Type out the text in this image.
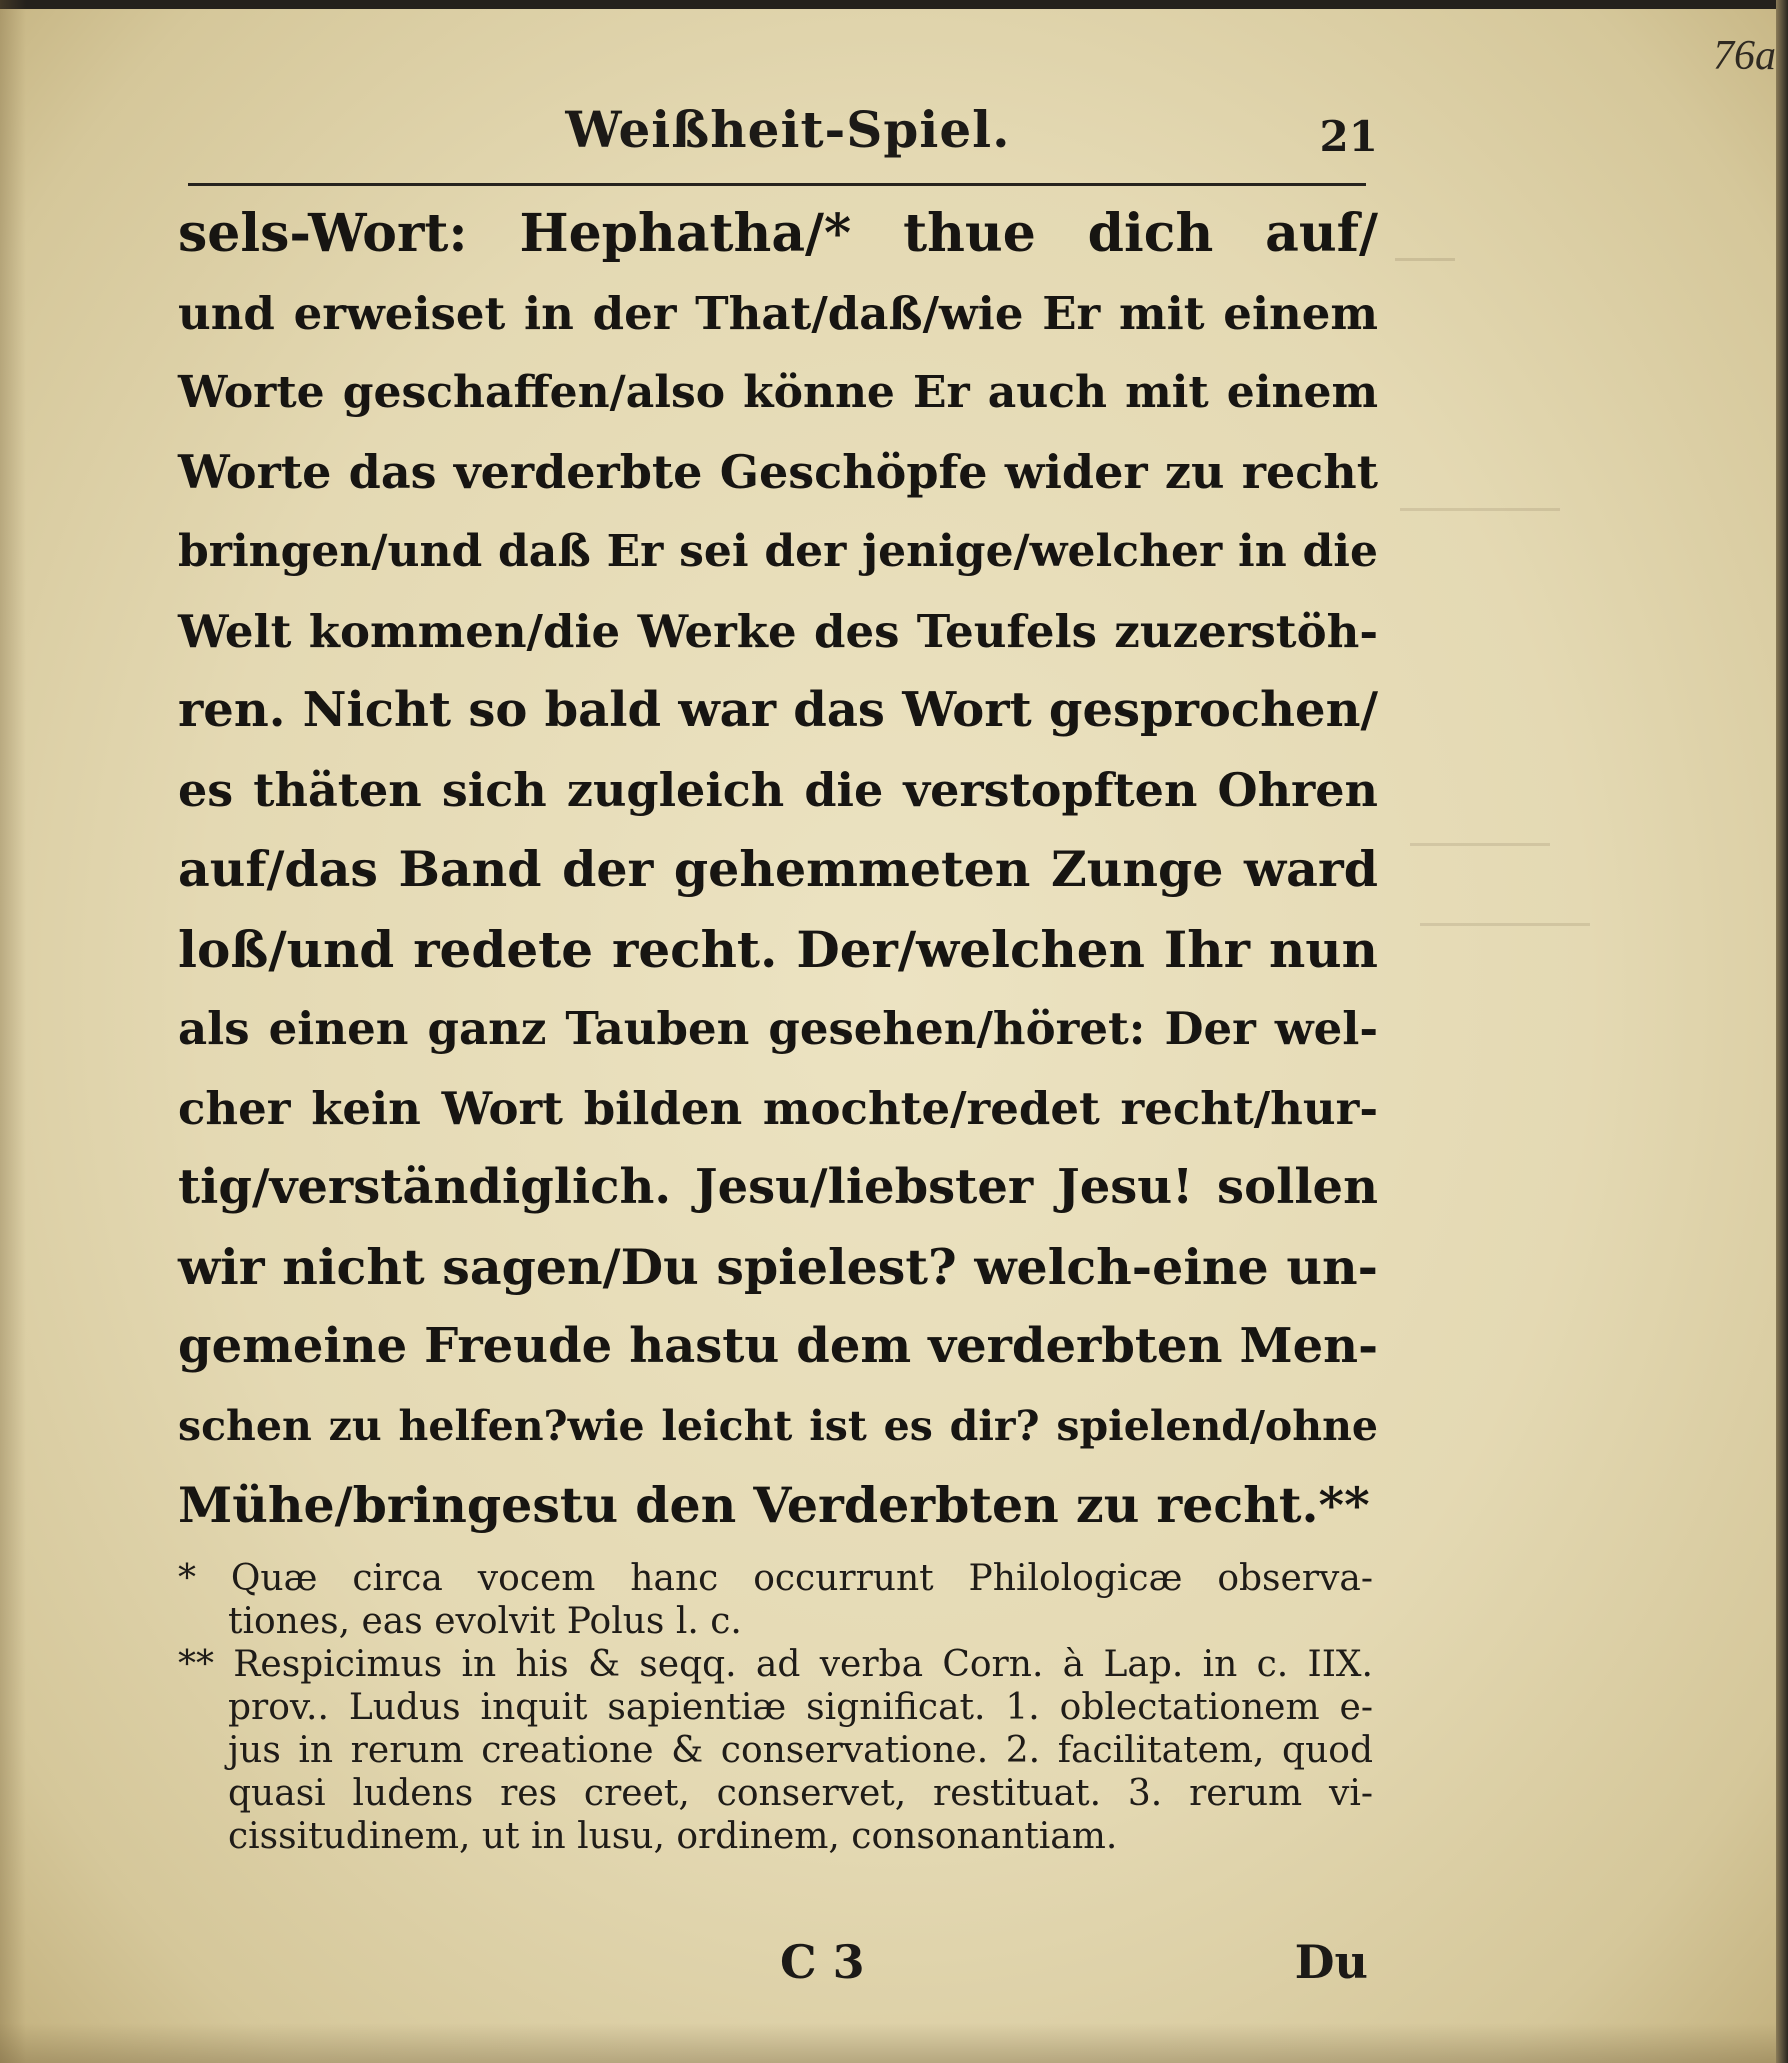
76a
Weißheit-Spiel.	21
sels-Wort: Hephatha/* thue dich auf/
und erweiset in der That/daß/wie Er mit einem
Worte geschaffen/also könne Er auch mit einem
Worte das verderbte Geschöpfe wider zu recht
bringen/und daß Er sei der jenige/welcher in die
Welt kommen/die Werke des Teufels zuzerstöh-
ren. Nicht so bald war das Wort gesprochen/
es thäten sich zugleich die verstopften Ohren
auf/das Band der gehemmeten Zunge ward
loß/und redete recht. Der/welchen Ihr nun
als einen ganz Tauben gesehen/höret: Der wel-
cher kein Wort bilden mochte/redet recht/hur-
tig/verständiglich. Jesu/liebster Jesu! sollen
wir nicht sagen/Du spielest? welch-eine un-
gemeine Freude hastu dem verderbten Men-
schen zu helfen?wie leicht ist es dir? spielend/ohne
Mühe/bringestu den Verderbten zu recht.**
* Quæ circa vocem hanc occurrunt Philologicæ observa-
tiones, eas evolvit Polus l. c.
** Respicimus in his & seqq. ad verba Corn. à Lap. in c. IIX.
prov.. Ludus inquit sapientiæ significat. 1. oblectationem e-
jus in rerum creatione & conservatione. 2. facilitatem, quod
quasi ludens res creet, conservet, restituat. 3. rerum vi-
cissitudinem, ut in lusu, ordinem, consonantiam.
C 3	Du
